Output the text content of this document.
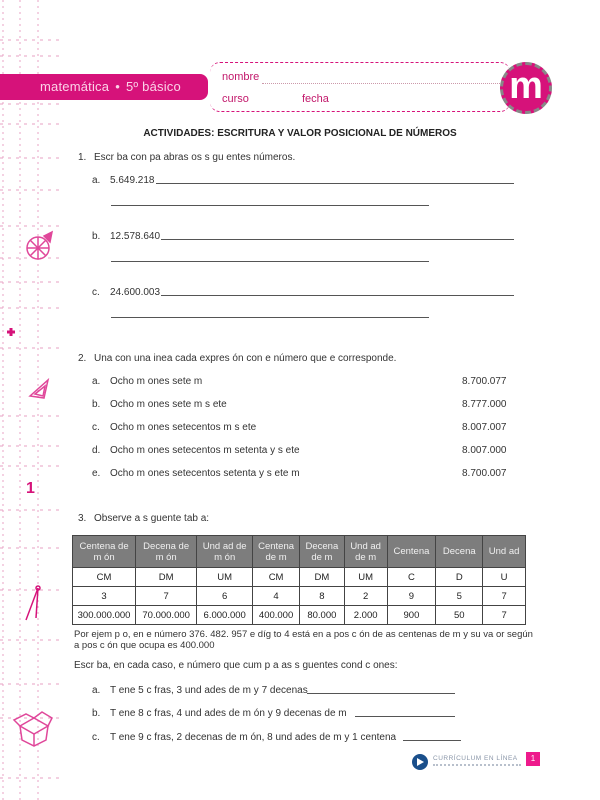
1
matemática • 5º básico
nombre
curso	fecha	m
ACTIVIDADES: ESCRITURA Y VALOR POSICIONAL DE NÚMEROS
1. Escr ba con pa abras os s gu entes números.
a. 5.649.218
b. 12.578.640
c. 24.600.003
2. Una con una inea cada expres ón con e número que e corresponde.
a. Ocho m ones sete m	8.700.077
b. Ocho m ones sete m s ete	8.777.000
c. Ocho m ones setecentos m s ete	8.007.007
d. Ocho m ones setecentos m setenta y s ete	8.007.000
e. Ocho m ones setecentos setenta y s ete m	8.700.007
3. Observe a s guente tab a:
Centena de m ón	Decena de m ón	Und ad de m ón	Centena de m	Decena de m	Und ad de m	Centena	Decena	Und ad
CM	DM	UM	CM	DM	UM	C	D	U
3	7	6	4	8	2	9	5	7
300.000.000	70.000.000	6.000.000	400.000	80.000	2.000	900	50	7
Por ejem p o, en e número 376. 482. 957 e díg to 4 está en a pos c ón de as centenas de m y su va or según a pos c ón que ocupa es 400.000
Escr ba, en cada caso, e número que cum p a as s guentes cond c ones:
a. T ene 5 c fras, 3 und ades de m y 7 decenas
b. T ene 8 c fras, 4 und ades de m ón y 9 decenas de m
c. T ene 9 c fras, 2 decenas de m ón, 8 und ades de m y 1 centena
CURRÍCULUM EN LÍNEA	1
